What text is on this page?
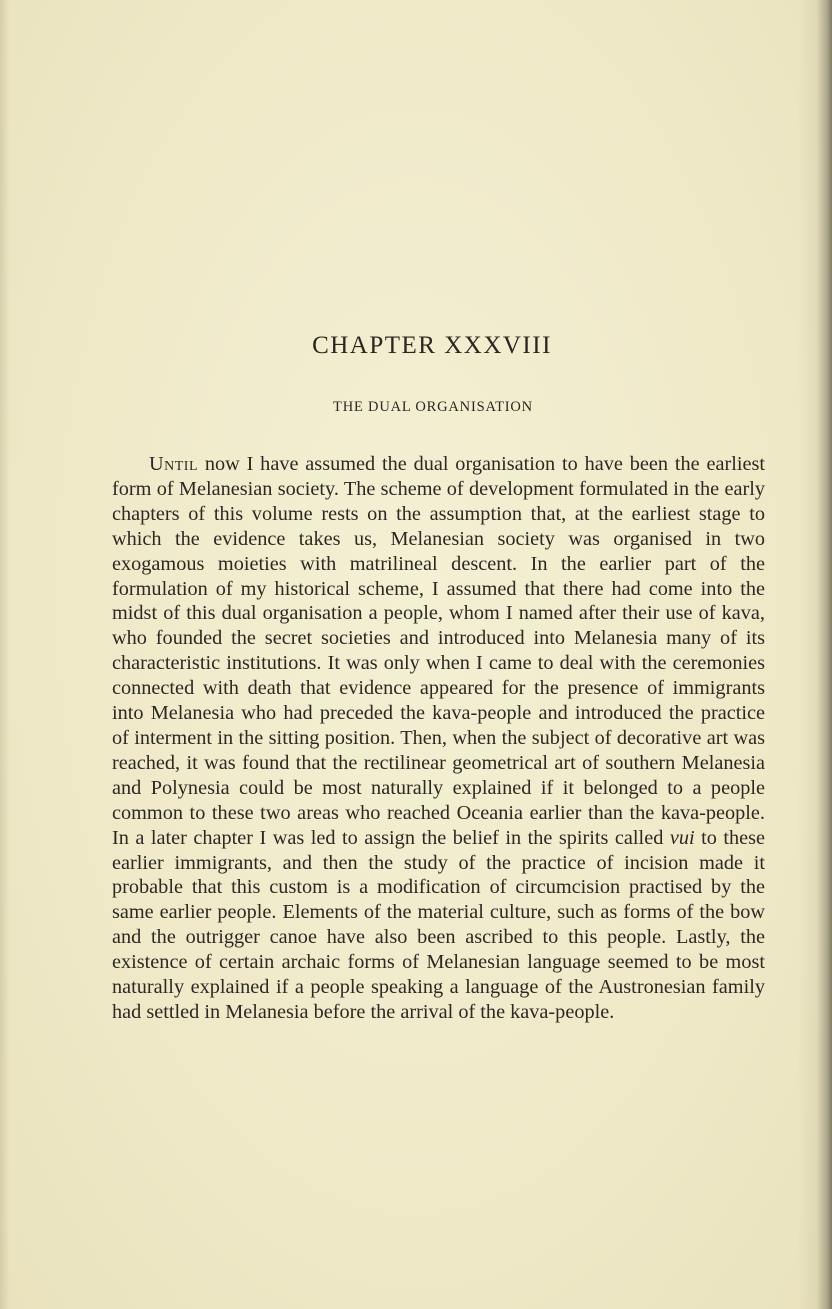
CHAPTER XXXVIII
THE DUAL ORGANISATION

Until now I have assumed the dual organisation to have been the earliest form of Melanesian society. The scheme of development formulated in the early chapters of this volume rests on the assumption that, at the earliest stage to which the evidence takes us, Melanesian society was organised in two exogamous moieties with matrilineal descent. In the earlier part of the formulation of my historical scheme, I assumed that there had come into the midst of this dual organisation a people, whom I named after their use of kava, who founded the secret societies and introduced into Melanesia many of its characteristic institutions. It was only when I came to deal with the ceremonies connected with death that evidence appeared for the presence of immigrants into Melanesia who had preceded the kava-people and introduced the practice of interment in the sitting position. Then, when the subject of decorative art was reached, it was found that the rectilinear geometrical art of southern Melanesia and Polynesia could be most naturally explained if it belonged to a people common to these two areas who reached Oceania earlier than the kava-people. In a later chapter I was led to assign the belief in the spirits called vui to these earlier immigrants, and then the study of the practice of incision made it probable that this custom is a modification of circumcision practised by the same earlier people. Elements of the material culture, such as forms of the bow and the outrigger canoe have also been ascribed to this people. Lastly, the existence of certain archaic forms of Melanesian language seemed to be most naturally explained if a people speaking a language of the Austronesian family had settled in Melanesia before the arrival of the kava-people.
